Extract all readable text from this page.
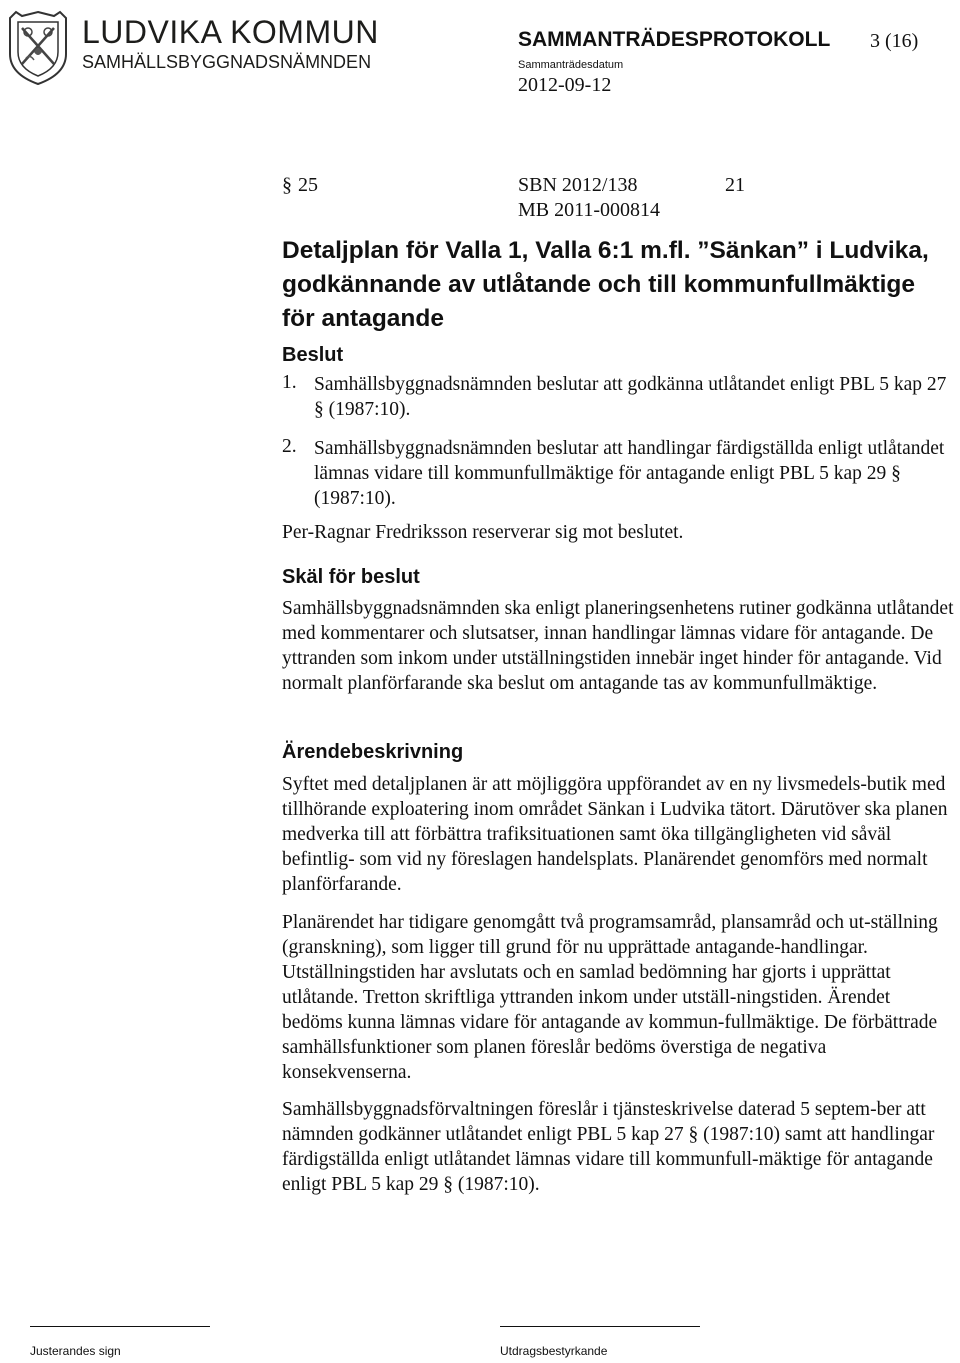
LUDVIKA KOMMUN
SAMHÄLLSBYGGNADSNÄMNDEN
SAMMANTRÄDESPROTOKOLL 3 (16)
Sammanträdesdatum
2012-09-12
§ 25	SBN 2012/138	21
MB 2011-000814
Detaljplan för Valla 1, Valla 6:1 m.fl. ”Sänkan” i Ludvika, godkännande av utlåtande och till kommunfullmäktige för antagande
Beslut
1. Samhällsbyggnadsnämnden beslutar att godkänna utlåtandet enligt PBL 5 kap 27 § (1987:10).
2. Samhällsbyggnadsnämnden beslutar att handlingar färdigställda enligt utlåtandet lämnas vidare till kommunfullmäktige för antagande enligt PBL 5 kap 29 § (1987:10).
Per-Ragnar Fredriksson reserverar sig mot beslutet.
Skäl för beslut
Samhällsbyggnadsnämnden ska enligt planeringsenhetens rutiner godkänna utlåtandet med kommentarer och slutsatser, innan handlingar lämnas vidare för antagande. De yttranden som inkom under utställningstiden innebär inget hinder för antagande. Vid normalt planförfarande ska beslut om antagande tas av kommunfullmäktige.
Ärendebeskrivning
Syftet med detaljplanen är att möjliggöra uppförandet av en ny livsmedels-butik med tillhörande exploatering inom området Sänkan i Ludvika tätort. Därutöver ska planen medverka till att förbättra trafiksituationen samt öka tillgängligheten vid såväl befintlig- som vid ny föreslagen handelsplats. Planärendet genomförs med normalt planförfarande.
Planärendet har tidigare genomgått två programsamråd, plansamråd och ut-ställning (granskning), som ligger till grund för nu upprättade antagande-handlingar. Utställningstiden har avslutats och en samlad bedömning har gjorts i upprättat utlåtande. Tretton skriftliga yttranden inkom under utställ-ningstiden. Ärendet bedöms kunna lämnas vidare för antagande av kommun-fullmäktige. De förbättrade samhällsfunktioner som planen föreslår bedöms överstiga de negativa konsekvenserna.
Samhällsbyggnadsförvaltningen föreslår i tjänsteskrivelse daterad 5 septem-ber att nämnden godkänner utlåtandet enligt PBL 5 kap 27 § (1987:10) samt att handlingar färdigställda enligt utlåtandet lämnas vidare till kommunfull-mäktige för antagande enligt PBL 5 kap 29 § (1987:10).
Justerandes sign	Utdragsbestyrkande
